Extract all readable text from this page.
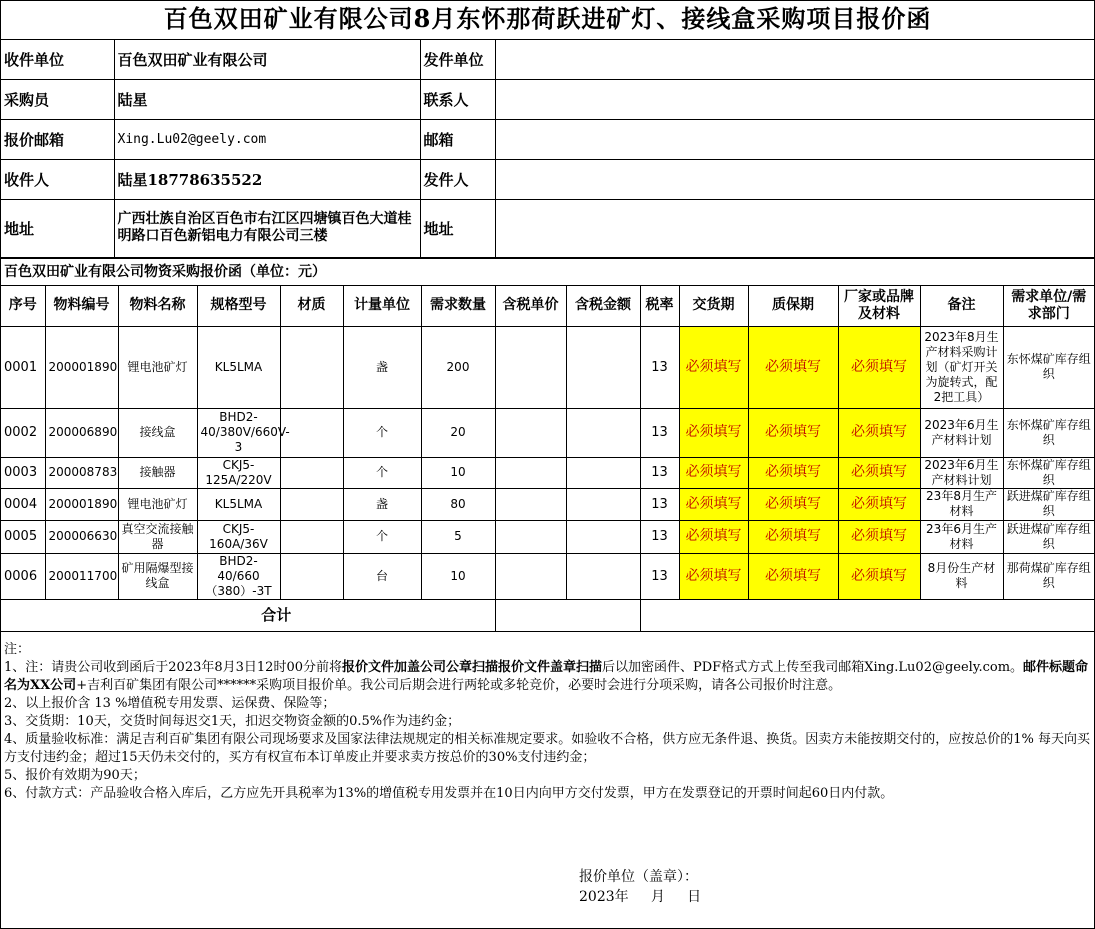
百色双田矿业有限公司8月东怀那荷跃进矿灯、接线盒采购项目报价函
收件单位	百色双田矿业有限公司	发件单位	
采购员	陆星	联系人	
报价邮箱	Xing.Lu02@geely.com	邮箱	
收件人	陆星18778635522	发件人	
地址	广西壮族自治区百色市右江区四塘镇百色大道桂明路口百色新铝电力有限公司三楼	地址	
百色双田矿业有限公司物资采购报价函（单位：元）
序号	物料编号	物料名称	规格型号	材质	计量单位	需求数量	含税单价	含税金额	税率	交货期	质保期	厂家或品牌及材料	备注	需求单位/需求部门
0001	200001890	锂电池矿灯	KL5LMA		盏	200			13	必须填写	必须填写	必须填写	2023年8月生产材料采购计划（矿灯开关为旋转式，配2把工具）	东怀煤矿库存组织
0002	200006890	接线盒	BHD2-40/380V/660V-3		个	20			13	必须填写	必须填写	必须填写	2023年6月生产材料计划	东怀煤矿库存组织
0003	200008783	接触器	CKJ5-125A/220V		个	10			13	必须填写	必须填写	必须填写	2023年6月生产材料计划	东怀煤矿库存组织
0004	200001890	锂电池矿灯	KL5LMA		盏	80			13	必须填写	必须填写	必须填写	23年8月生产材料	跃进煤矿库存组织
0005	200006630	真空交流接触器	CKJ5-160A/36V		个	5			13	必须填写	必须填写	必须填写	23年6月生产材料	跃进煤矿库存组织
0006	200011700	矿用隔爆型接线盒	BHD2-40/660（380）-3T		台	10			13	必须填写	必须填写	必须填写	8月份生产材料	那荷煤矿库存组织
合计														

注：

1、注：请贵公司收到函后于2023年8月3日12时00分前将报价文件加盖公司公章扫描报价文件盖章扫描后以加密函件、PDF格式方式上传至我司邮箱Xing.Lu02@geely.com。邮件标题命名为XX公司+吉利百矿集团有限公司******采购项目报价单。我公司后期会进行两轮或多轮竞价，必要时会进行分项采购，请各公司报价时注意。

2、以上报价含 13 %增值税专用发票、运保费、保险等；

3、交货期：10天，交货时间每迟交1天，扣迟交物资金额的0.5%作为违约金；

4、质量验收标准：满足吉利百矿集团有限公司现场要求及国家法律法规规定的相关标准规定要求。如验收不合格，供方应无条件退、换货。因卖方未能按期交付的，应按总价的1% 每天向买方支付违约金；超过15天仍未交付的，买方有权宣布本订单废止并要求卖方按总价的30%支付违约金；

5、报价有效期为90天；

6、付款方式：产品验收合格入库后，乙方应先开具税率为13%的增值税专用发票并在10日内向甲方交付发票，甲方在发票登记的开票时间起60日内付款。

报价单位（盖章）：
2023年     月     日
